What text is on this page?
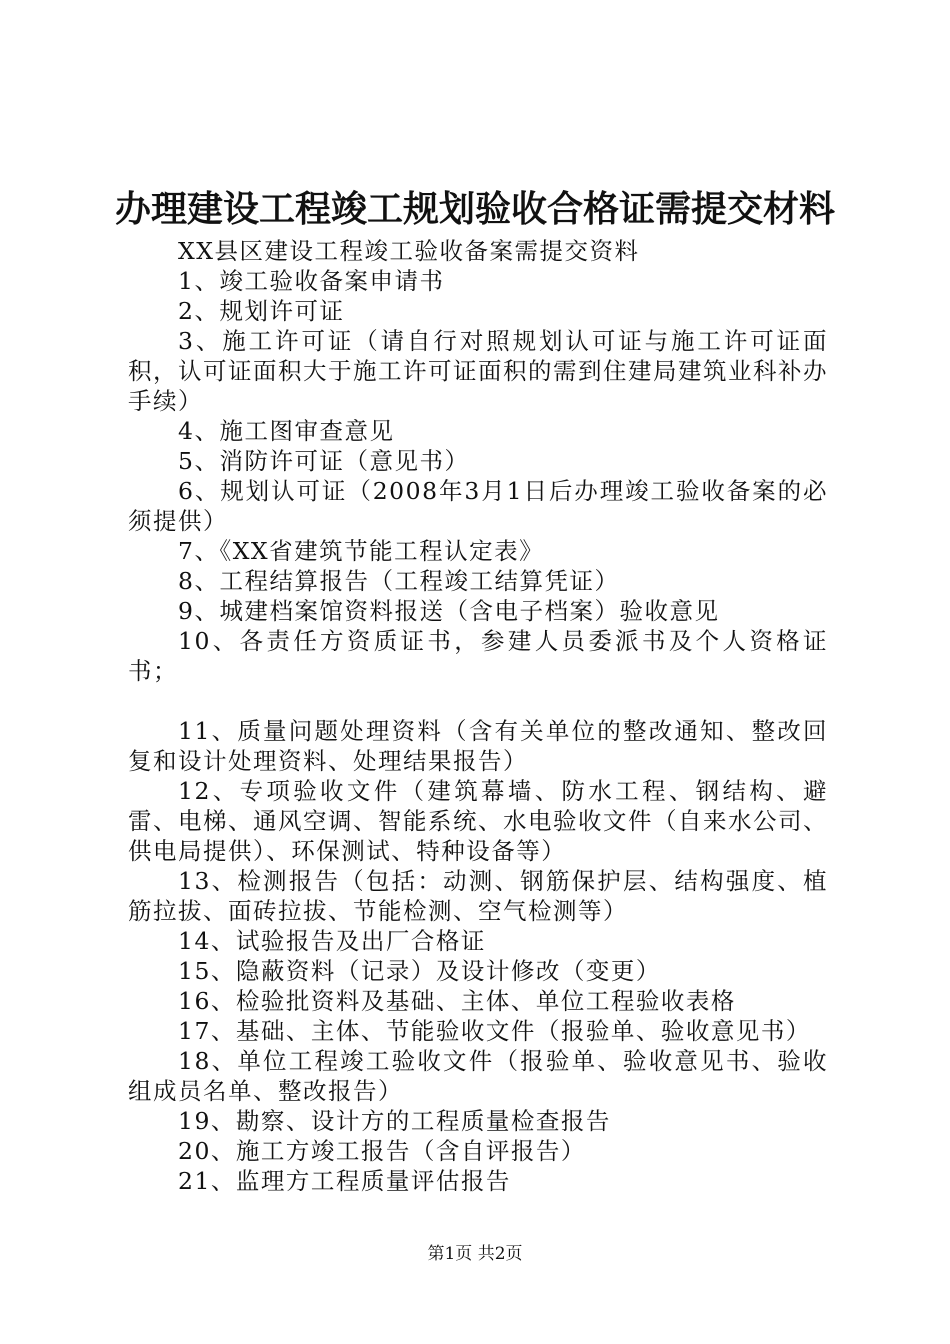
办理建设工程竣工规划验收合格证需提交材料

XX县区建设工程竣工验收备案需提交资料

1、竣工验收备案申请书

2、规划许可证

3、施工许可证（请自行对照规划认可证与施工许可证面积，认可证面积大于施工许可证面积的需到住建局建筑业科补办手续）

4、施工图审查意见

5、消防许可证（意见书）

6、规划认可证（2008年3月1日后办理竣工验收备案的必须提供）

7、《XX省建筑节能工程认定表》

8、工程结算报告（工程竣工结算凭证）

9、城建档案馆资料报送（含电子档案）验收意见

10、各责任方资质证书，参建人员委派书及个人资格证书；

11、质量问题处理资料（含有关单位的整改通知、整改回复和设计处理资料、处理结果报告）

12、专项验收文件（建筑幕墙、防水工程、钢结构、避雷、电梯、通风空调、智能系统、水电验收文件（自来水公司、供电局提供）、环保测试、特种设备等）

13、检测报告（包括：动测、钢筋保护层、结构强度、植筋拉拔、面砖拉拔、节能检测、空气检测等）

14、试验报告及出厂合格证

15、隐蔽资料（记录）及设计修改（变更）

16、检验批资料及基础、主体、单位工程验收表格

17、基础、主体、节能验收文件（报验单、验收意见书）

18、单位工程竣工验收文件（报验单、验收意见书、验收组成员名单、整改报告）

19、勘察、设计方的工程质量检查报告

20、施工方竣工报告（含自评报告）

21、监理方工程质量评估报告

第1页 共2页
